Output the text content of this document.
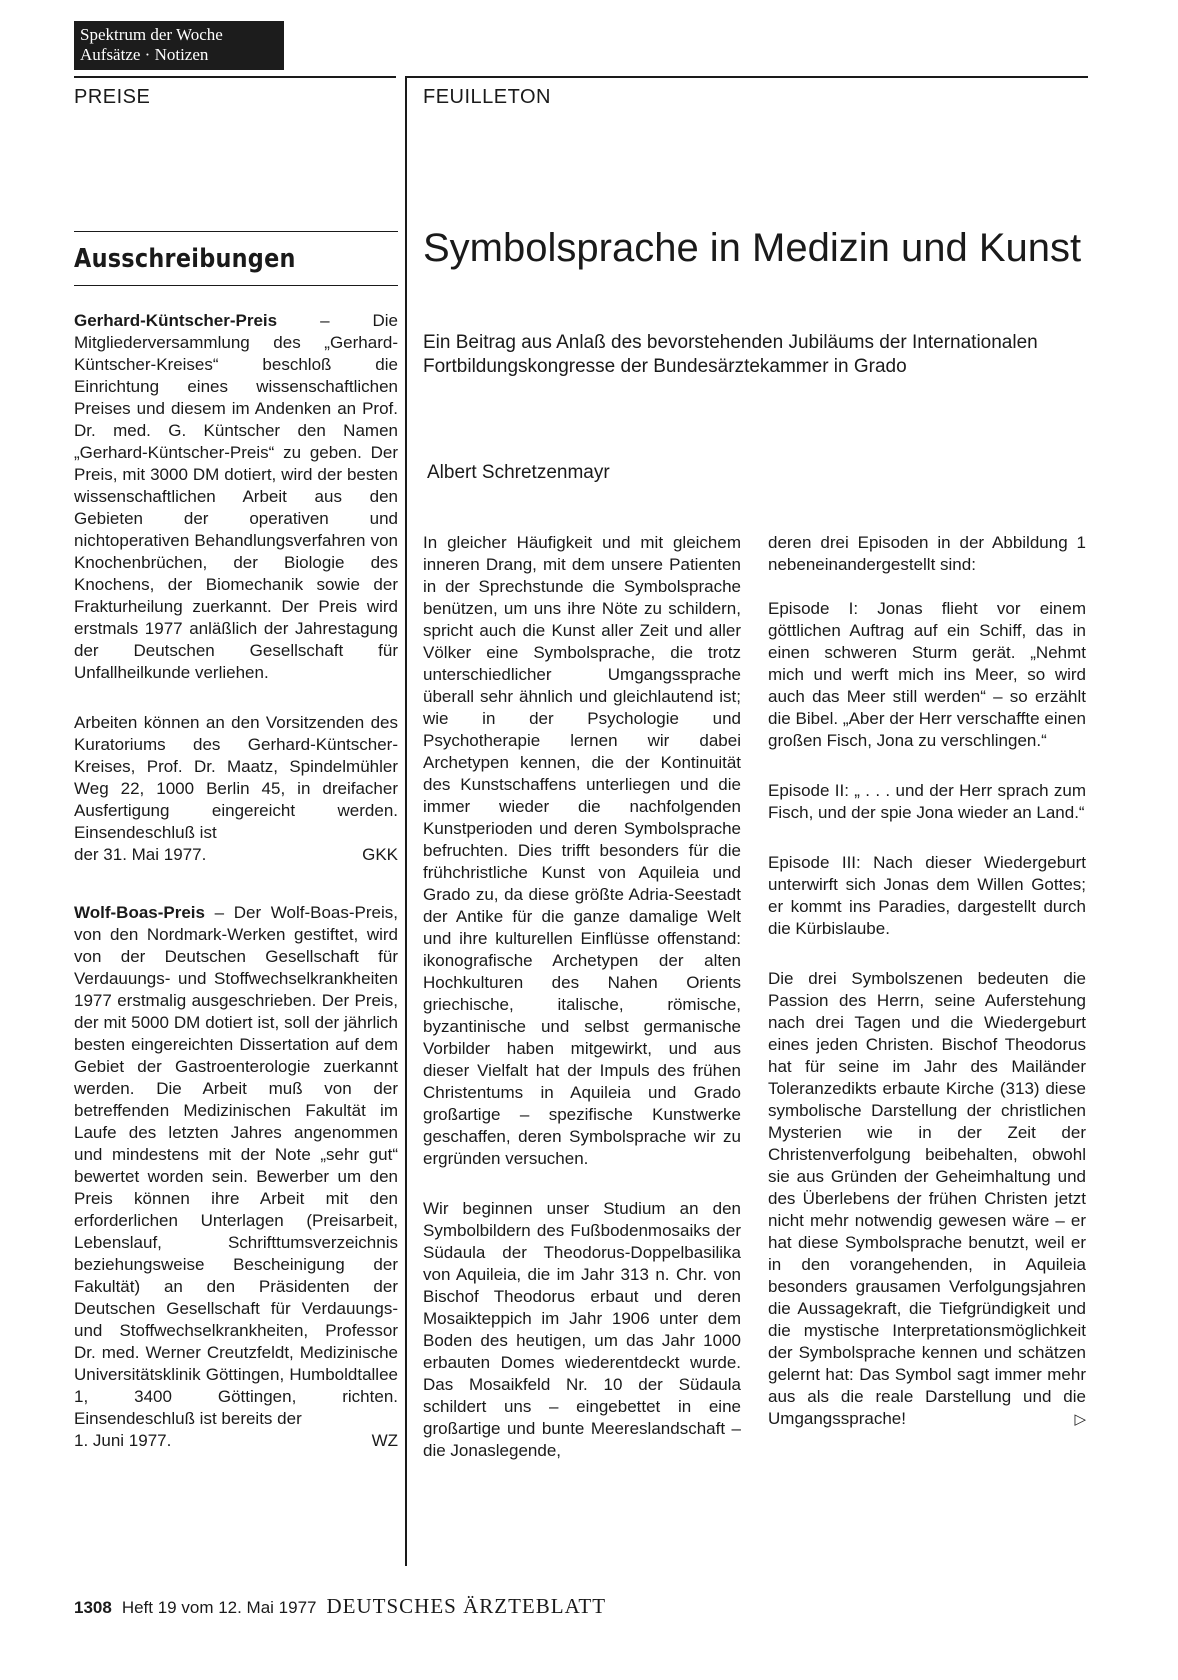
Spektrum der Woche
Aufsätze · Notizen
PREISE	FEUILLETON
Ausschreibungen

Gerhard-Küntscher-Preis – Die Mitgliederversammlung des „Gerhard-Küntscher-Kreises“ beschloß die Einrichtung eines wissenschaftlichen Preises und diesem im Andenken an Prof. Dr. med. G. Küntscher den Namen „Gerhard-Küntscher-Preis“ zu geben. Der Preis, mit 3000 DM dotiert, wird der besten wissenschaftlichen Arbeit aus den Gebieten der operativen und nichtoperativen Behandlungsverfahren von Knochenbrüchen, der Biologie des Knochens, der Biomechanik sowie der Frakturheilung zuerkannt. Der Preis wird erstmals 1977 anläßlich der Jahrestagung der Deutschen Gesellschaft für Unfallheilkunde verliehen.

Arbeiten können an den Vorsitzenden des Kuratoriums des Gerhard-Küntscher-Kreises, Prof. Dr. Maatz, Spindelmühler Weg 22, 1000 Berlin 45, in dreifacher Ausfertigung eingereicht werden. Einsendeschluß ist
der 31. Mai 1977.	GKK

Wolf-Boas-Preis – Der Wolf-Boas-Preis, von den Nordmark-Werken gestiftet, wird von der Deutschen Gesellschaft für Verdauungs- und Stoffwechselkrankheiten 1977 erstmalig ausgeschrieben. Der Preis, der mit 5000 DM dotiert ist, soll der jährlich besten eingereichten Dissertation auf dem Gebiet der Gastroenterologie zuerkannt werden. Die Arbeit muß von der betreffenden Medizinischen Fakultät im Laufe des letzten Jahres angenommen und mindestens mit der Note „sehr gut“ bewertet worden sein. Bewerber um den Preis können ihre Arbeit mit den erforderlichen Unterlagen (Preisarbeit, Lebenslauf, Schrifttumsverzeichnis beziehungsweise Bescheinigung der Fakultät) an den Präsidenten der Deutschen Gesellschaft für Verdauungs- und Stoffwechselkrankheiten, Professor Dr. med. Werner Creutzfeldt, Medizinische Universitätsklinik Göttingen, Humboldtallee 1, 3400 Göttingen, richten. Einsendeschluß ist bereits der
1. Juni 1977.	WZ

Symbolsprache in Medizin und Kunst
Ein Beitrag aus Anlaß des bevorstehenden Jubiläums der Internationalen Fortbildungskongresse der Bundesärztekammer in Grado
Albert Schretzenmayr

In gleicher Häufigkeit und mit gleichem inneren Drang, mit dem unsere Patienten in der Sprechstunde die Symbolsprache benützen, um uns ihre Nöte zu schildern, spricht auch die Kunst aller Zeit und aller Völker eine Symbolsprache, die trotz unterschiedlicher Umgangssprache überall sehr ähnlich und gleichlautend ist; wie in der Psychologie und Psychotherapie lernen wir dabei Archetypen kennen, die der Kontinuität des Kunstschaffens unterliegen und die immer wieder die nachfolgenden Kunstperioden und deren Symbolsprache befruchten. Dies trifft besonders für die frühchristliche Kunst von Aquileia und Grado zu, da diese größte Adria-Seestadt der Antike für die ganze damalige Welt und ihre kulturellen Einflüsse offenstand: ikonografische Archetypen der alten Hochkulturen des Nahen Orients griechische, italische, römische, byzantinische und selbst germanische Vorbilder haben mitgewirkt, und aus dieser Vielfalt hat der Impuls des frühen Christentums in Aquileia und Grado großartige – spezifische Kunstwerke geschaffen, deren Symbolsprache wir zu ergründen versuchen.

Wir beginnen unser Studium an den Symbolbildern des Fußbodenmosaiks der Südaula der Theodorus-Doppelbasilika von Aquileia, die im Jahr 313 n. Chr. von Bischof Theodorus erbaut und deren Mosaikteppich im Jahr 1906 unter dem Boden des heutigen, um das Jahr 1000 erbauten Domes wiederentdeckt wurde. Das Mosaikfeld Nr. 10 der Südaula schildert uns – eingebettet in eine großartige und bunte Meereslandschaft – die Jonaslegende,

deren drei Episoden in der Abbildung 1 nebeneinandergestellt sind:

Episode I: Jonas flieht vor einem göttlichen Auftrag auf ein Schiff, das in einen schweren Sturm gerät. „Nehmt mich und werft mich ins Meer, so wird auch das Meer still werden“ – so erzählt die Bibel. „Aber der Herr verschaffte einen großen Fisch, Jona zu verschlingen.“

Episode II: „ . . . und der Herr sprach zum Fisch, und der spie Jona wieder an Land.“

Episode III: Nach dieser Wiedergeburt unterwirft sich Jonas dem Willen Gottes; er kommt ins Paradies, dargestellt durch die Kürbislaube.

Die drei Symbolszenen bedeuten die Passion des Herrn, seine Auferstehung nach drei Tagen und die Wiedergeburt eines jeden Christen. Bischof Theodorus hat für seine im Jahr des Mailänder Toleranzedikts erbaute Kirche (313) diese symbolische Darstellung der christlichen Mysterien wie in der Zeit der Christenverfolgung beibehalten, obwohl sie aus Gründen der Geheimhaltung und des Überlebens der frühen Christen jetzt nicht mehr notwendig gewesen wäre – er hat diese Symbolsprache benutzt, weil er in den vorangehenden, in Aquileia besonders grausamen Verfolgungsjahren die Aussagekraft, die Tiefgründigkeit und die mystische Interpretationsmöglichkeit der Symbolsprache kennen und schätzen gelernt hat: Das Symbol sagt immer mehr aus als die reale Darstellung und die Umgangssprache!	▷

1308 Heft 19 vom 12. Mai 1977 DEUTSCHES ÄRZTEBLATT
